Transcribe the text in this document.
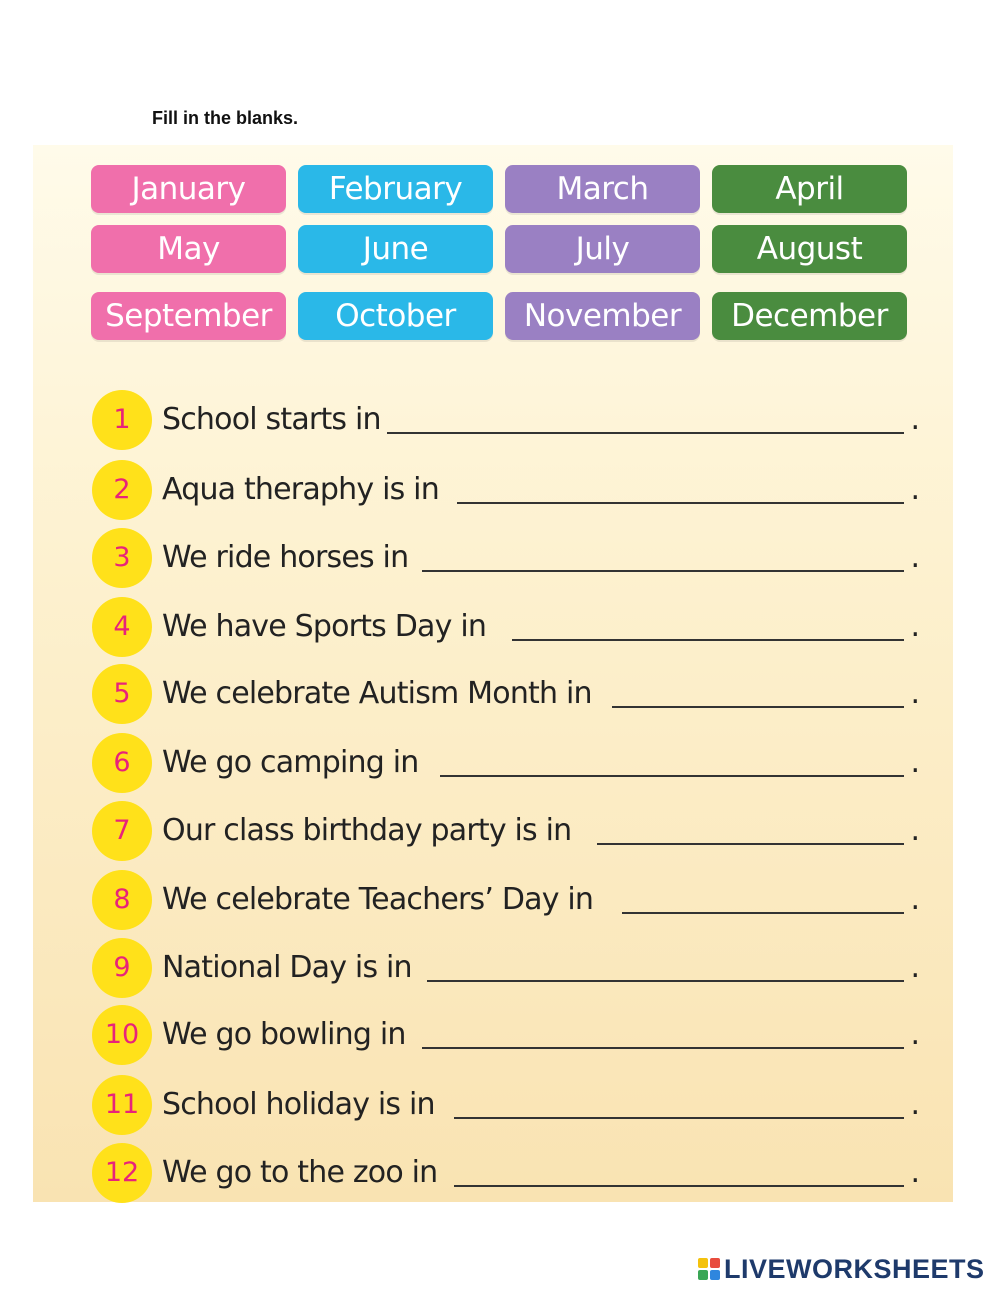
Fill in the blanks.
January	February	March	April
May	June	July	August
September	October	November	December
1	School starts in	.
2	Aqua theraphy is in	.
3	We ride horses in	.
4	We have Sports Day in	.
5	We celebrate Autism Month in	.
6	We go camping in	.
7	Our class birthday party is in	.
8	We celebrate Teachers’ Day in	.
9	National Day is in	.
10 We go bowling in	.
11 School holiday is in	.
12 We go to the zoo in	.
LIVEWORKSHEETS
